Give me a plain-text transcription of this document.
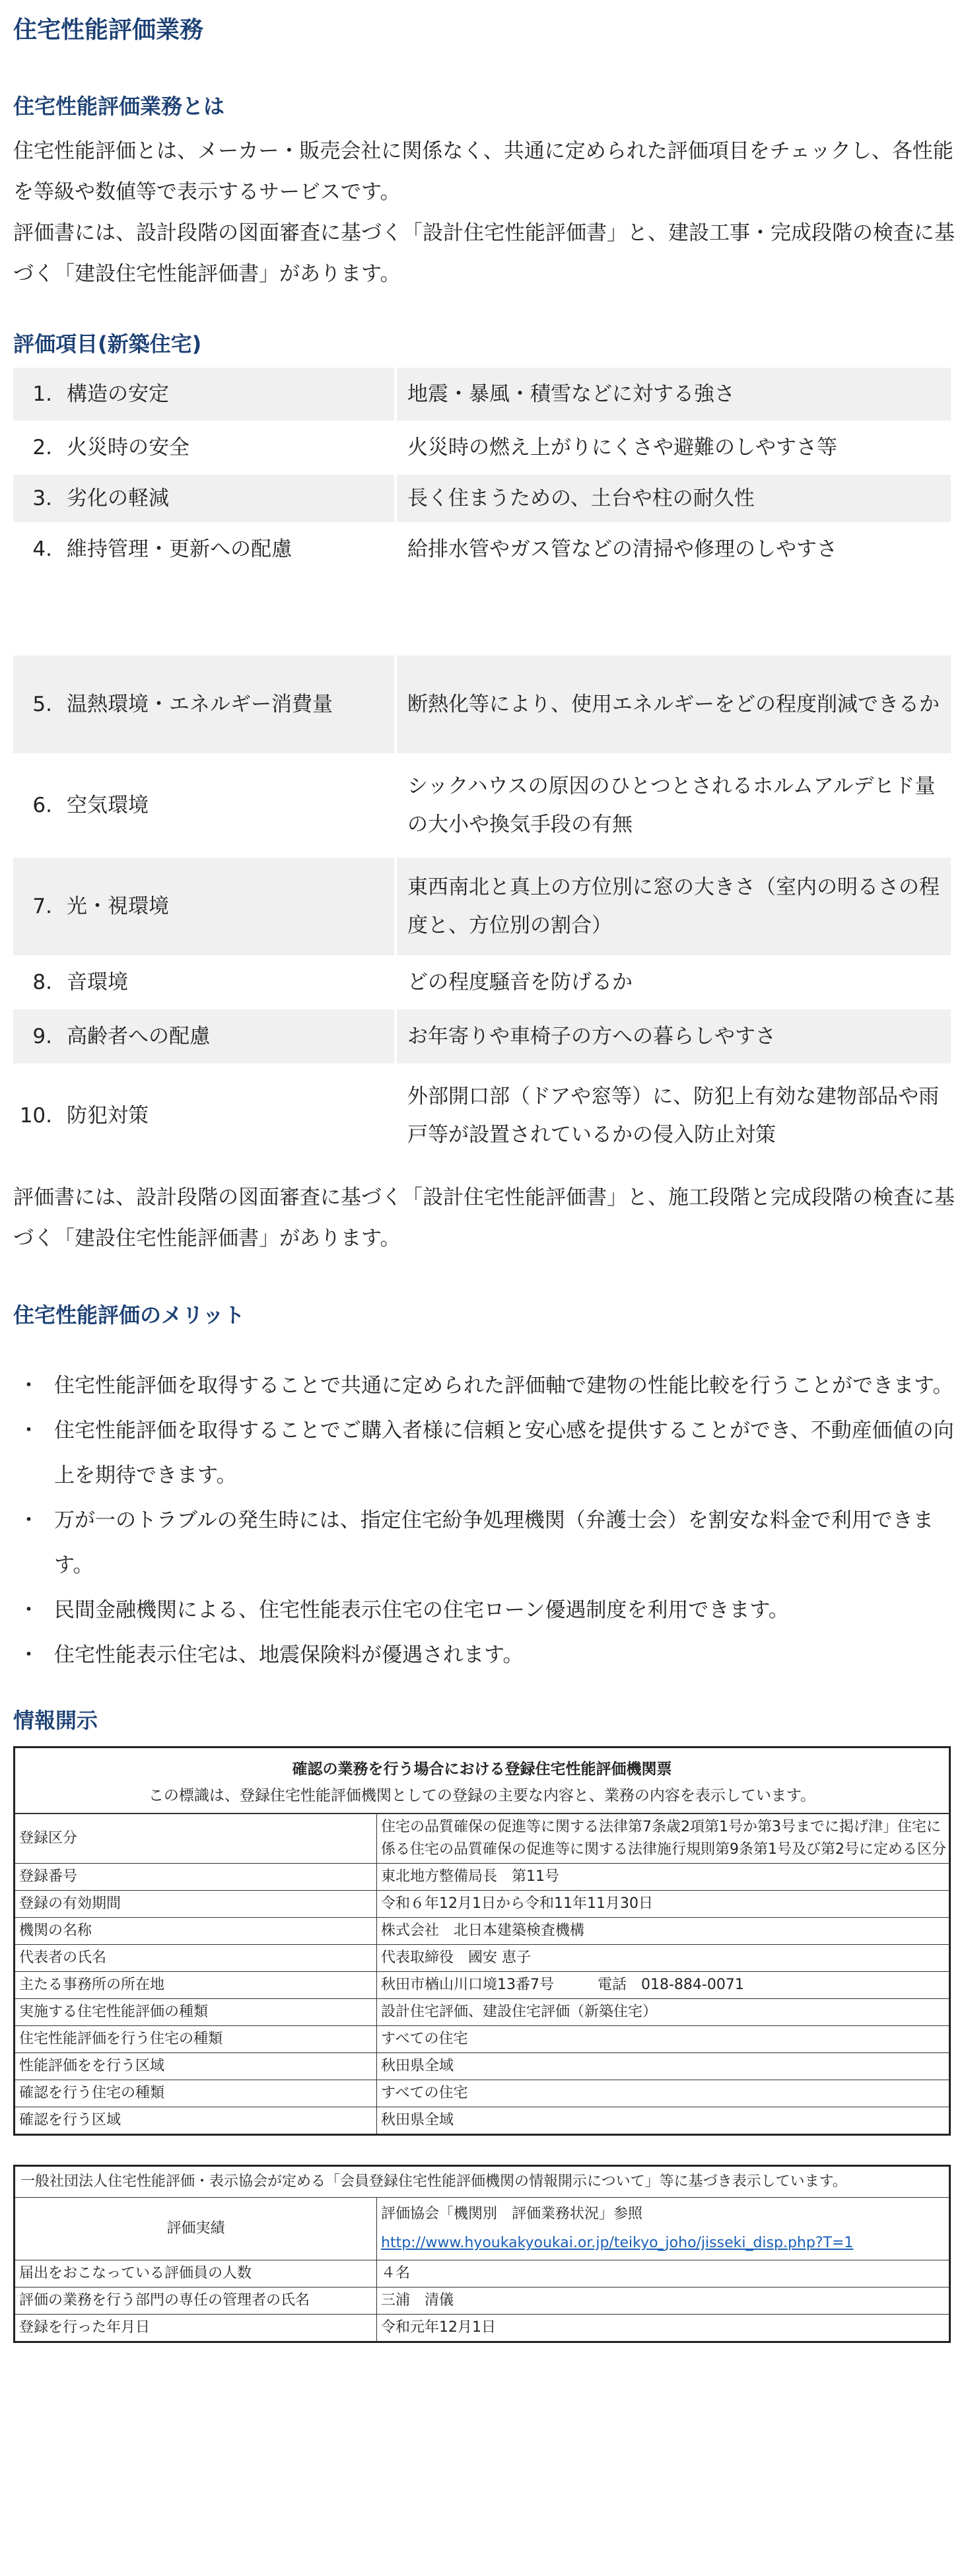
住宅性能評価業務
住宅性能評価業務とは

住宅性能評価とは、メーカー・販売会社に関係なく、共通に定められた評価項目をチェックし、各性能を等級や数値等で表示するサービスです。

評価書には、設計段階の図面審査に基づく「設計住宅性能評価書」と、建設工事・完成段階の検査に基づく「建設住宅性能評価書」があります。

評価項目(新築住宅)
1.	構造の安定	地震・暴風・積雪などに対する強さ
2.	火災時の安全	火災時の燃え上がりにくさや避難のしやすさ等
3.	劣化の軽減	長く住まうための、土台や柱の耐久性
4.	維持管理・更新への配慮	給排水管やガス管などの清掃や修理のしやすさ

5.	温熱環境・エネルギー消費量	断熱化等により、使用エネルギーをどの程度削減できるか
6.	空気環境	シックハウスの原因のひとつとされるホルムアルデヒド量の大小や換気手段の有無
7.	光・視環境	東西南北と真上の方位別に窓の大きさ（室内の明るさの程度と、方位別の割合）
8.	音環境	どの程度騒音を防げるか
9.	高齢者への配慮	お年寄りや車椅子の方への暮らしやすさ
10.	防犯対策	外部開口部（ドアや窓等）に、防犯上有効な建物部品や雨戸等が設置されているかの侵入防止対策

評価書には、設計段階の図面審査に基づく「設計住宅性能評価書」と、施工段階と完成段階の検査に基づく「建設住宅性能評価書」があります。

住宅性能評価のメリット
・ 住宅性能評価を取得することで共通に定められた評価軸で建物の性能比較を行うことができます。
・ 住宅性能評価を取得することでご購入者様に信頼と安心感を提供することができ、不動産価値の向上を期待できます。
・ 万が一のトラブルの発生時には、指定住宅紛争処理機関（弁護士会）を割安な料金で利用できます。
・ 民間金融機関による、住宅性能表示住宅の住宅ローン優遇制度を利用できます。
・ 住宅性能表示住宅は、地震保険料が優遇されます。
情報開示
確認の業務を行う場合における登録住宅性能評価機関票
この標識は、登録住宅性能評価機関としての登録の主要な内容と、業務の内容を表示しています。
登録区分	住宅の品質確保の促進等に関する法律第7条歳2項第1号か第3号までに掲げ津」住宅に係る住宅の品質確保の促進等に関する法律施行規則第9条第1号及び第2号に定める区分
登録番号	東北地方整備局長　第11号
登録の有効期間	令和６年12月1日から令和11年11月30日
機関の名称	株式会社　北日本建築検査機構
代表者の氏名	代表取締役　國安 恵子
主たる事務所の所在地	秋田市楢山川口境13番7号　　　電話　018-884-0071
実施する住宅性能評価の種類	設計住宅評価、建設住宅評価（新築住宅）
住宅性能評価を行う住宅の種類	すべての住宅
性能評価をを行う区域	秋田県全域
確認を行う住宅の種類	すべての住宅
確認を行う区域	秋田県全域
一般社団法人住宅性能評価・表示協会が定める「会員登録住宅性能評価機関の情報開示について」等に基づき表示しています。
評価実績	評価協会「機関別　評価業務状況」参照
http://www.hyoukakyoukai.or.jp/teikyo_joho/jisseki_disp.php?T=1

届出をおこなっている評価員の人数	４名
評価の業務を行う部門の専任の管理者の氏名	三浦　清儀
登録を行った年月日	令和元年12月1日
